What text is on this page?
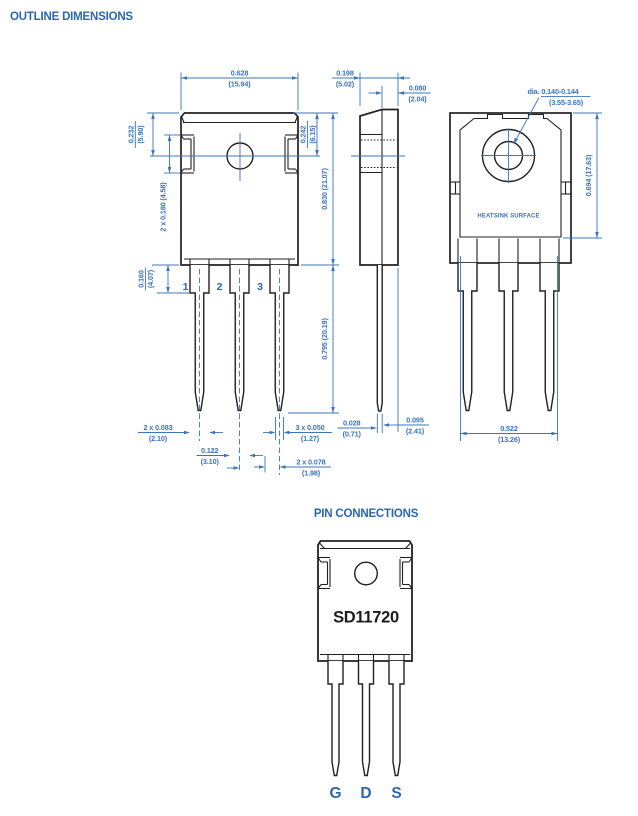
OUTLINE DIMENSIONS
PIN CONNECTIONS
0.628
(15.94)
0.232 (5.90)
2 x 0.180 (4.58)
0.242 (6.15)
0.830 (21.07)
0.160 (4.07)
0.795 (20.19)
2 x 0.083
(2.10)
0.122
(3.10)
3 x 0.050
(1.27)
2 x 0.078
(1.98)
1	2	3
0.198
(5.02)	0.080
(2.04)
0.028
(0.71)
0.095
(2.41)
dia. 0.140-0.144
(3.55-3.65)
HEATSINK SURFACE
0.694 (17.63)
0.522
(13.26)
SD11720
G D S
